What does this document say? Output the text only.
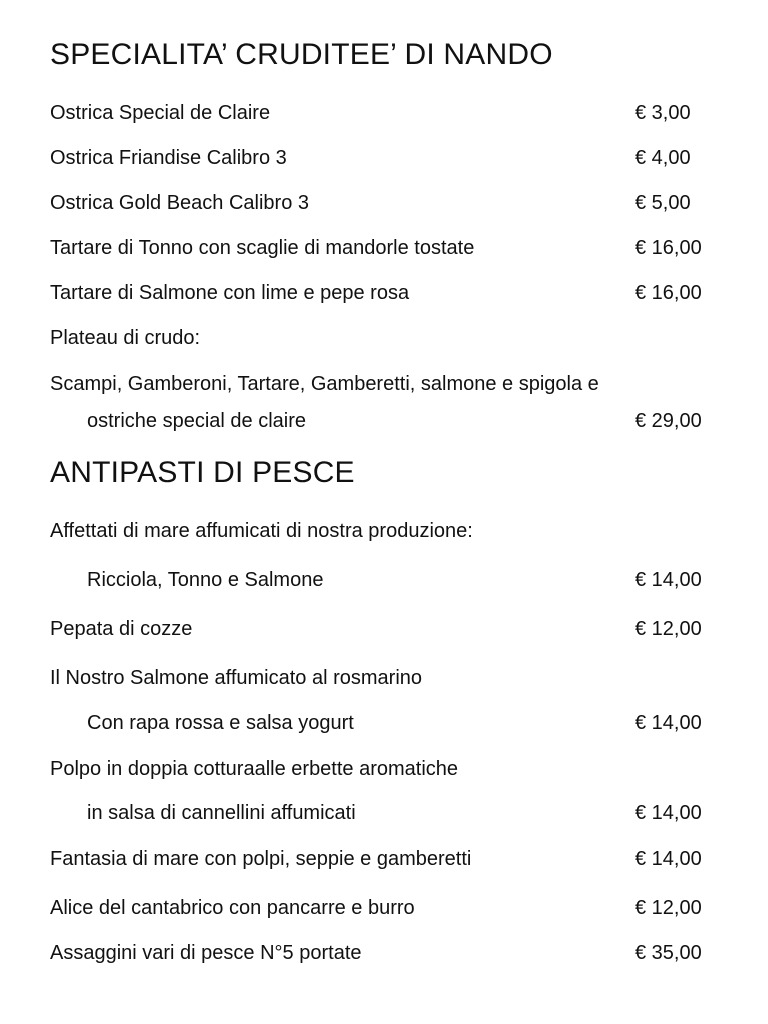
SPECIALITA’ CRUDITEE’ DI NANDO
Ostrica Special de Claire	€ 3,00
Ostrica Friandise Calibro 3	€ 4,00
Ostrica Gold Beach Calibro 3	€ 5,00
Tartare di Tonno con scaglie di mandorle tostate	€ 16,00
Tartare di Salmone con lime e pepe rosa	€ 16,00
Plateau di crudo:
Scampi, Gamberoni, Tartare, Gamberetti, salmone e spigola e
ostriche special de claire	€ 29,00
ANTIPASTI DI PESCE
Affettati di mare affumicati di nostra produzione:
Ricciola, Tonno e Salmone	€ 14,00
Pepata di cozze	€ 12,00
Il Nostro Salmone affumicato al rosmarino
Con rapa rossa e salsa yogurt	€ 14,00
Polpo in doppia cotturaalle erbette aromatiche
in salsa di cannellini affumicati	€ 14,00
Fantasia di mare con polpi, seppie e gamberetti	€ 14,00
Alice del cantabrico con pancarre e burro	€ 12,00
Assaggini vari di pesce N°5 portate	€ 35,00
